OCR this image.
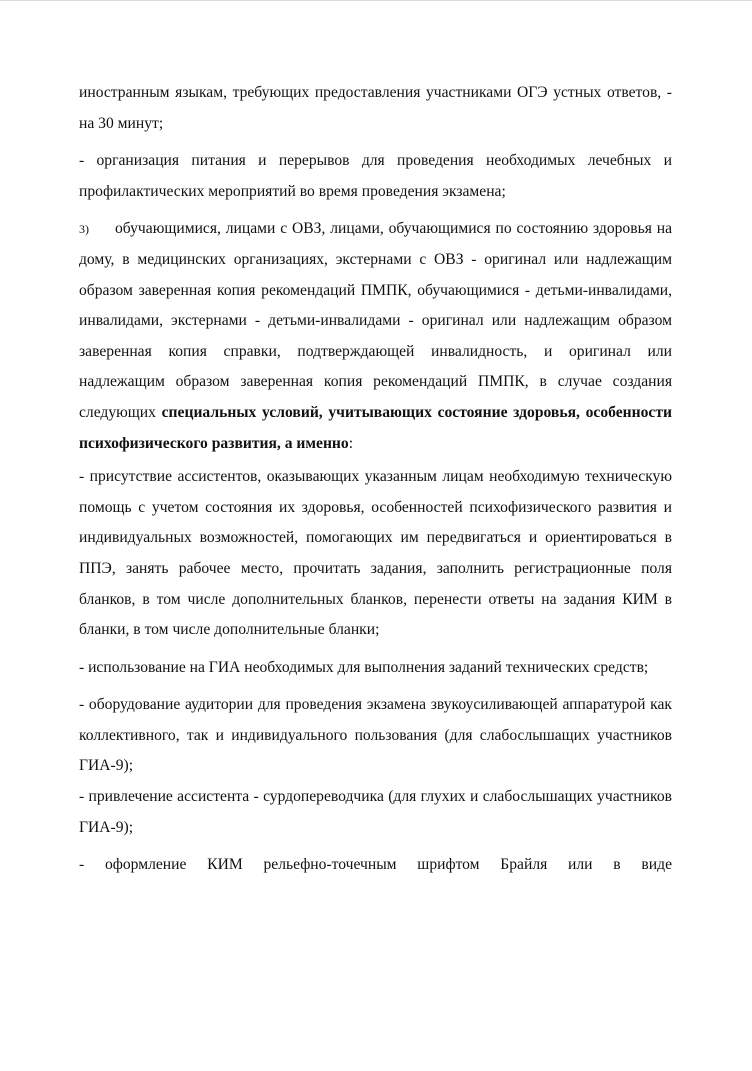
иностранным языкам, требующих предоставления участниками ОГЭ устных ответов, - на 30 минут;

- организация питания и перерывов для проведения необходимых лечебных и профилактических мероприятий во время проведения экзамена;

3) обучающимися, лицами с ОВЗ, лицами, обучающимися по состоянию здоровья на дому, в медицинских организациях, экстернами с ОВЗ - оригинал или надлежащим образом заверенная копия рекомендаций ПМПК, обучающимися - детьми-инвалидами, инвалидами, экстернами - детьми-инвалидами - оригинал или надлежащим образом заверенная копия справки, подтверждающей инвалидность, и оригинал или надлежащим образом заверенная копия рекомендаций ПМПК, в случае создания следующих специальных условий, учитывающих состояние здоровья, особенности психофизического развития, а именно:

- присутствие ассистентов, оказывающих указанным лицам необходимую техническую помощь с учетом состояния их здоровья, особенностей психофизического развития и индивидуальных возможностей, помогающих им передвигаться и ориентироваться в ППЭ, занять рабочее место, прочитать задания, заполнить регистрационные поля бланков, в том числе дополнительных бланков, перенести ответы на задания КИМ в бланки, в том числе дополнительные бланки;

- использование на ГИА необходимых для выполнения заданий технических средств;

- оборудование аудитории для проведения экзамена звукоусиливающей аппаратурой как коллективного, так и индивидуального пользования (для слабослышащих участников ГИА-9);

- привлечение ассистента - сурдопереводчика (для глухих и слабослышащих участников ГИА-9);

- оформление КИМ рельефно-точечным шрифтом Брайля или в виде
